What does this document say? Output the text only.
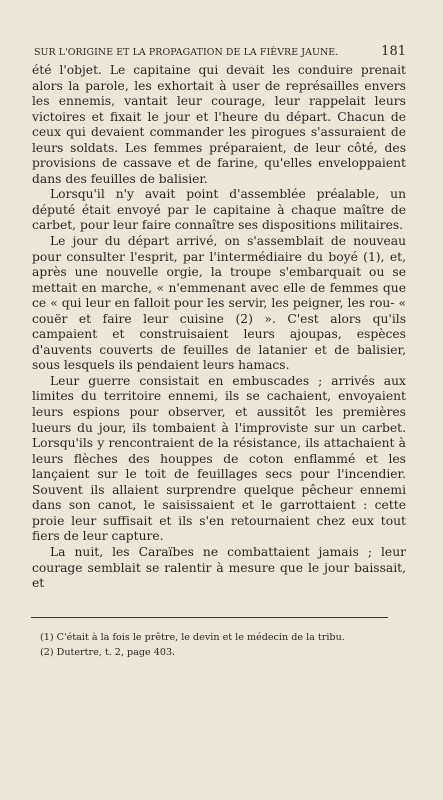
SUR L'ORIGINE ET LA PROPAGATION DE LA FIÈVRE JAUNE.	181

été l'objet. Le capitaine qui devait les conduire prenait alors la parole, les exhortait à user de représailles envers les ennemis, vantait leur courage, leur rappelait leurs victoires et fixait le jour et l'heure du départ. Chacun de ceux qui devaient commander les pirogues s'assuraient de leurs soldats. Les femmes préparaient, de leur côté, des provisions de cassave et de farine, qu'elles enveloppaient dans des feuilles de balisier.

Lorsqu'il n'y avait point d'assemblée préalable, un député était envoyé par le capitaine à chaque maître de carbet, pour leur faire connaître ses dispositions militaires.

Le jour du départ arrivé, on s'assemblait de nouveau pour consulter l'esprit, par l'intermédiaire du boyé (1), et, après une nouvelle orgie, la troupe s'embarquait ou se mettait en marche, « n'emmenant avec elle de femmes que ce « qui leur en falloit pour les servir, les peigner, les rou- « couër et faire leur cuisine (2) ». C'est alors qu'ils campaient et construisaient leurs ajoupas, espèces d'auvents couverts de feuilles de latanier et de balisier, sous lesquels ils pendaient leurs hamacs.

Leur guerre consistait en embuscades ; arrivés aux limites du territoire ennemi, ils se cachaient, envoyaient leurs espions pour observer, et aussitôt les premières lueurs du jour, ils tombaient à l'improviste sur un carbet. Lorsqu'ils y rencontraient de la résistance, ils attachaient à leurs flèches des houppes de coton enflammé et les lançaient sur le toit de feuillages secs pour l'incendier. Souvent ils allaient surprendre quelque pêcheur ennemi dans son canot, le saisissaient et le garrottaient : cette proie leur suffisait et ils s'en retournaient chez eux tout fiers de leur capture.

La nuit, les Caraïbes ne combattaient jamais ; leur courage semblait se ralentir à mesure que le jour baissait, et

(1) C'était à la fois le prêtre, le devin et le médecin de la tribu.

(2) Dutertre, t. 2, page 403.
